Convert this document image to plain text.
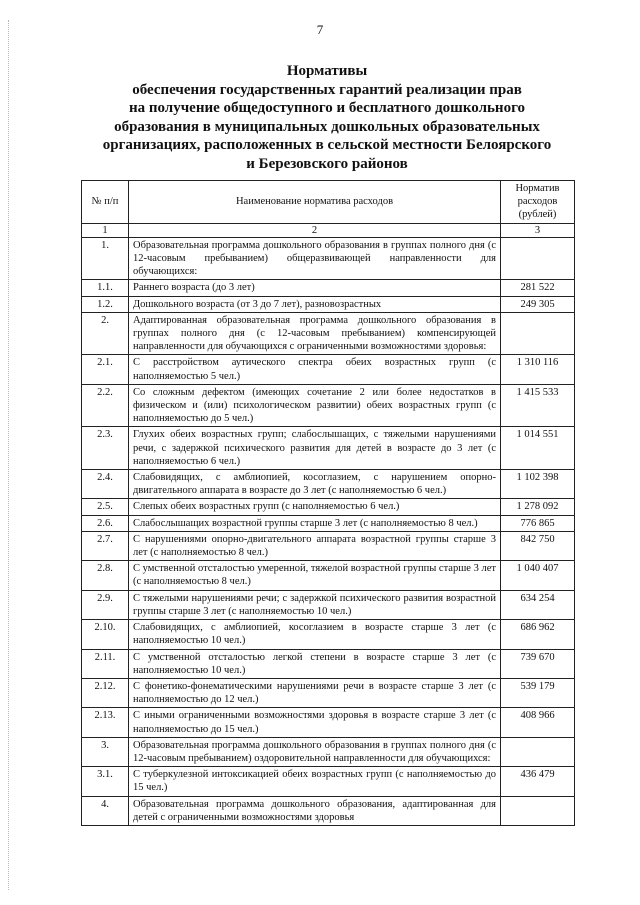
7
Нормативы
обеспечения государственных гарантий реализации прав
на получение общедоступного и бесплатного дошкольного
образования в муниципальных дошкольных образовательных
организациях, расположенных в сельской местности Белоярского
и Березовского районов
№ п/п	Наименование норматива расходов	Норматив расходов (рублей)
1	2	3
1.	Образовательная программа дошкольного образования в группах полного дня (с 12-часовым пребыванием) общеразвивающей направленности для обучающихся:	
1.1.	Раннего возраста (до 3 лет)	281 522
1.2.	Дошкольного возраста (от 3 до 7 лет), разновозрастных	249 305
2.	Адаптированная образовательная программа дошкольного образования в группах полного дня (с 12-часовым пребыванием) компенсирующей направленности для обучающихся с ограниченными возможностями здоровья:	
2.1.	С расстройством аутического спектра обеих возрастных групп (с наполняемостью 5 чел.)	1 310 116
2.2.	Со сложным дефектом (имеющих сочетание 2 или более недостатков в физическом и (или) психологическом развитии) обеих возрастных групп (с наполняемостью до 5 чел.)	1 415 533
2.3.	Глухих обеих возрастных групп; слабослышащих, с тяжелыми нарушениями речи, с задержкой психического развития для детей в возрасте до 3 лет (с наполняемостью 6 чел.)	1 014 551
2.4.	Слабовидящих, с амблиопией, косоглазием, с нарушением опорно-двигательного аппарата в возрасте до 3 лет (с наполняемостью 6 чел.)	1 102 398
2.5.	Слепых обеих возрастных групп (с наполняемостью 6 чел.)	1 278 092
2.6.	Слабослышащих возрастной группы старше 3 лет (с наполняемостью 8 чел.)	776 865
2.7.	С нарушениями опорно-двигательного аппарата возрастной группы старше 3 лет (с наполняемостью 8 чел.)	842 750
2.8.	С умственной отсталостью умеренной, тяжелой возрастной группы старше 3 лет (с наполняемостью 8 чел.)	1 040 407
2.9.	С тяжелыми нарушениями речи; с задержкой психического развития возрастной группы старше 3 лет (с наполняемостью 10 чел.)	634 254
2.10.	Слабовидящих, с амблиопией, косоглазием в возрасте старше 3 лет (с наполняемостью 10 чел.)	686 962
2.11.	С умственной отсталостью легкой степени в возрасте старше 3 лет (с наполняемостью 10 чел.)	739 670
2.12.	С фонетико-фонематическими нарушениями речи в возрасте старше 3 лет (с наполняемостью до 12 чел.)	539 179
2.13.	С иными ограниченными возможностями здоровья в возрасте старше 3 лет (с наполняемостью до 15 чел.)	408 966
3.	Образовательная программа дошкольного образования в группах полного дня (с 12-часовым пребыванием) оздоровительной направленности для обучающихся:	
3.1.	С туберкулезной интоксикацией обеих возрастных групп (с наполняемостью до 15 чел.)	436 479
4.	Образовательная программа дошкольного образования, адаптированная для детей с ограниченными возможностями здоровья	
